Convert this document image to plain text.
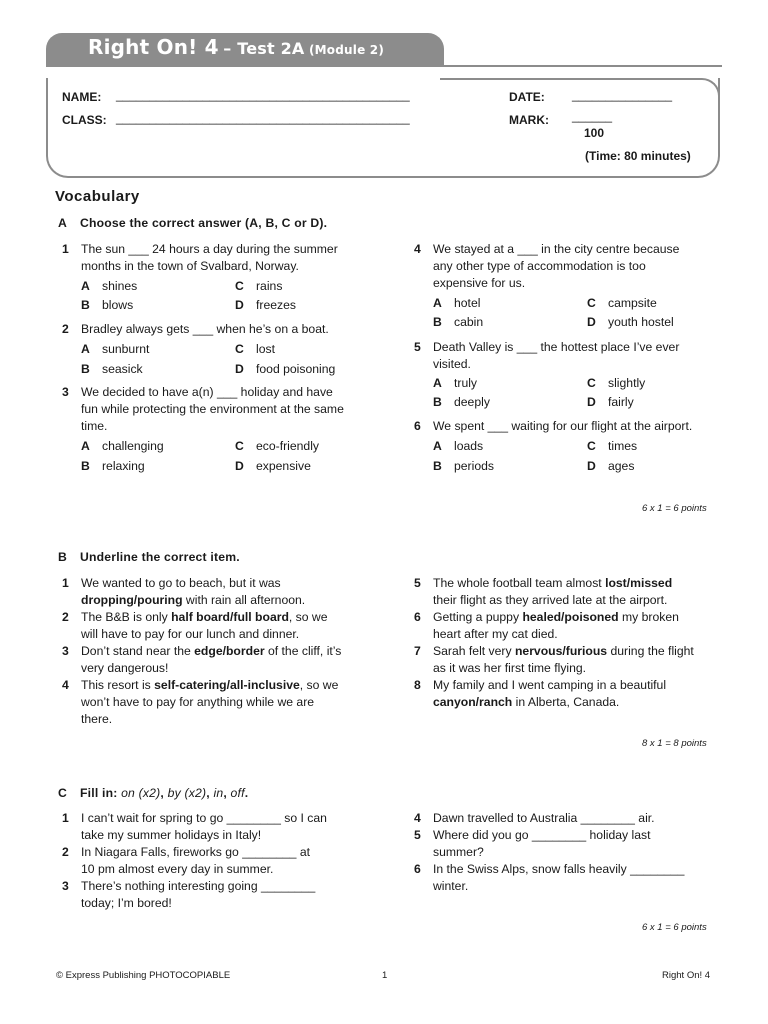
Right On! 4 – Test 2A (Module 2)
NAME: ____________________________________________
CLASS: ____________________________________________
DATE: _______________
MARK: ______
100
(Time: 80 minutes)
Vocabulary
A Choose the correct answer (A, B, C or D).
1 The sun ___ 24 hours a day during the summer
months in the town of Svalbard, Norway.
A shines	C rains
B blows	D freezes
2 Bradley always gets ___ when he’s on a boat.
A sunburnt	C lost
B seasick	D food poisoning
3 We decided to have a(n) ___ holiday and have
fun while protecting the environment at the same
time.
A challenging	C eco-friendly
B relaxing	D expensive
4 We stayed at a ___ in the city centre because
any other type of accommodation is too
expensive for us.
A hotel	C campsite
B cabin	D youth hostel
5 Death Valley is ___ the hottest place I’ve ever
visited.
A truly	C slightly
B deeply	D fairly
6 We spent ___ waiting for our flight at the airport.
A loads	C times
B periods	D ages
6 x 1 = 6 points
B Underline the correct item.
1 We wanted to go to beach, but it was
dropping/pouring with rain all afternoon.
2 The B&B is only half board/full board, so we
will have to pay for our lunch and dinner.
3 Don’t stand near the edge/border of the cliff, it’s
very dangerous!
4 This resort is self-catering/all-inclusive, so we
won’t have to pay for anything while we are
there.
5 The whole football team almost lost/missed
their flight as they arrived late at the airport.
6 Getting a puppy healed/poisoned my broken
heart after my cat died.
7 Sarah felt very nervous/furious during the flight
as it was her first time flying.
8 My family and I went camping in a beautiful
canyon/ranch in Alberta, Canada.
8 x 1 = 8 points
C Fill in: on (x2), by (x2), in, off.
1 I can’t wait for spring to go ________ so I can
take my summer holidays in Italy!
2 In Niagara Falls, fireworks go ________ at
10 pm almost every day in summer.
3 There’s nothing interesting going ________
today; I’m bored!
4 Dawn travelled to Australia ________ air.
5 Where did you go ________ holiday last
summer?
6 In the Swiss Alps, snow falls heavily ________
winter.
6 x 1 = 6 points
© Express Publishing PHOTOCOPIABLE	1	Right On! 4
